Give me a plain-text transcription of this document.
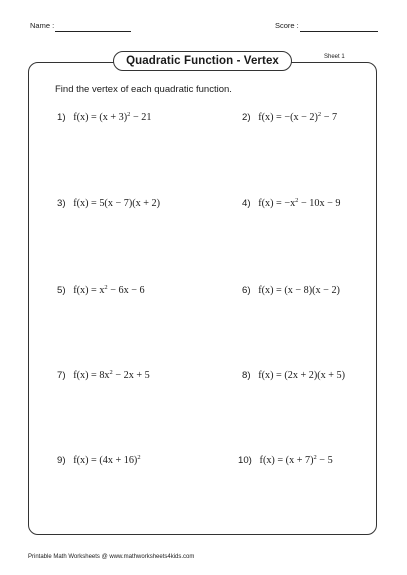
Name :	Score :
Quadratic Function - Vertex	Sheet 1
Find the vertex of each quadratic function.
1) $f(x) = (x + 3)^2 - 21$	2) $f(x) = -(x - 2)^2 - 7$
3) f(x) = 5(x − 7)(x + 2)	4) $f(x) = -x^2 - 10x - 9$
5) $f(x) = x^2 - 6x - 6$	6) f(x) = (x − 8)(x − 2)
7) $f(x) = 8x^2 - 2x + 5$	8) f(x) = (2x + 2)(x + 5)
9) $f(x) = (4x + 16)^2$	10) $f(x) = (x + 7)^2 - 5$
Printable Math Worksheets @ www.mathworksheets4kids.com
